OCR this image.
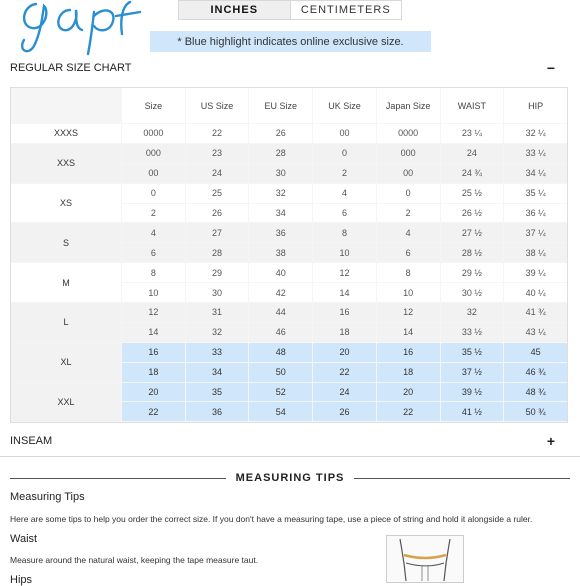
INCHES	CENTIMETERS
* Blue highlight indicates online exclusive size.
REGULAR SIZE CHART	−
	Size	US Size	EU Size	UK Size	Japan Size	WAIST	HIP
XXXS	0000	22	26	00	0000	23 ¼	32 ¼
XXS	000	23	28	0	000	24	33 ¼
	00	24	30	2	00	24 ¾	34 ¼
XS	0	25	32	4	0	25 ½	35 ¼
	2	26	34	6	2	26 ½	36 ¼
S	4	27	36	8	4	27 ½	37 ¼
	6	28	38	10	6	28 ½	38 ¼
M	8	29	40	12	8	29 ½	39 ¼
	10	30	42	14	10	30 ½	40 ¼
L	12	31	44	16	12	32	41 ¾
	14	32	46	18	14	33 ½	43 ¼
XL	16	33	48	20	16	35 ½	45
	18	34	50	22	18	37 ½	46 ¾
XXL	20	35	52	24	20	39 ½	48 ¾
	22	36	54	26	22	41 ½	50 ¾
INSEAM	+
MEASURING TIPS
Measuring Tips
Here are some tips to help you order the correct size. If you don't have a measuring tape, use a piece of string and hold it alongside a ruler.
Waist
Measure around the natural waist, keeping the tape measure taut.
Hips
